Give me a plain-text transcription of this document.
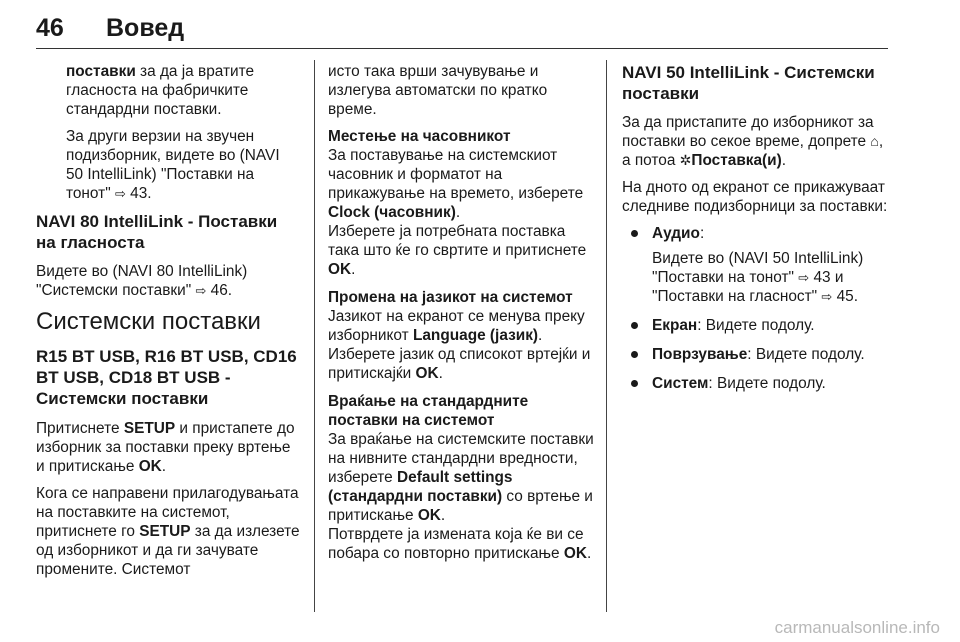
46 Вовед

поставки за да ја вратите гласноста на фабричките стандардни поставки.

За други верзии на звучен подизборник, видете во (NAVI 50 IntelliLink) "Поставки на тонот" ⇨ 43.

NAVI 80 IntelliLink - Поставки на гласноста

Видете во (NAVI 80 IntelliLink) "Системски поставки" ⇨ 46.

Системски поставки
R15 BT USB, R16 BT USB, CD16 BT USB, CD18 BT USB - Системски поставки

Притиснете SETUP и пристапете до изборник за поставки преку вртење и притискање OK.

Кога се направени прилагодувањата на поставките на системот, притиснете го SETUP за да излезете од изборникот и да ги зачувате промените. Системот

исто така врши зачувување и излегува автоматски по кратко време.

Местење на часовникот
За поставување на системскиот часовник и форматот на прикажување на времето, изберете Clock (часовник).
Изберете ја потребната поставка така што ќе го свртите и притиснете OK.
Промена на јазикот на системот
Јазикот на екранот се менува преку изборникот Language (јазик).
Изберете јазик од списокот вртејќи и притискајќи OK.
Враќање на стандардните поставки на системот
За враќање на системските поставки на нивните стандардни вредности, изберете Default settings (стандардни поставки) со вртење и притискање OK.
Потврдете ја измената која ќе ви се побара со повторно притискање OK.
NAVI 50 IntelliLink - Системски поставки

За да пристапите до изборникот за поставки во секое време, допрете ⌂, а потоа ✲Поставка(и).

На дното од екранот се прикажуваат следниве подизборници за поставки:

Аудио:
Видете во (NAVI 50 IntelliLink) "Поставки на тонот" ⇨ 43 и "Поставки на гласност" ⇨ 45.
Екран: Видете подолу.
Поврзување: Видете подолу.
Систем: Видете подолу.
carmanualsonline.info
